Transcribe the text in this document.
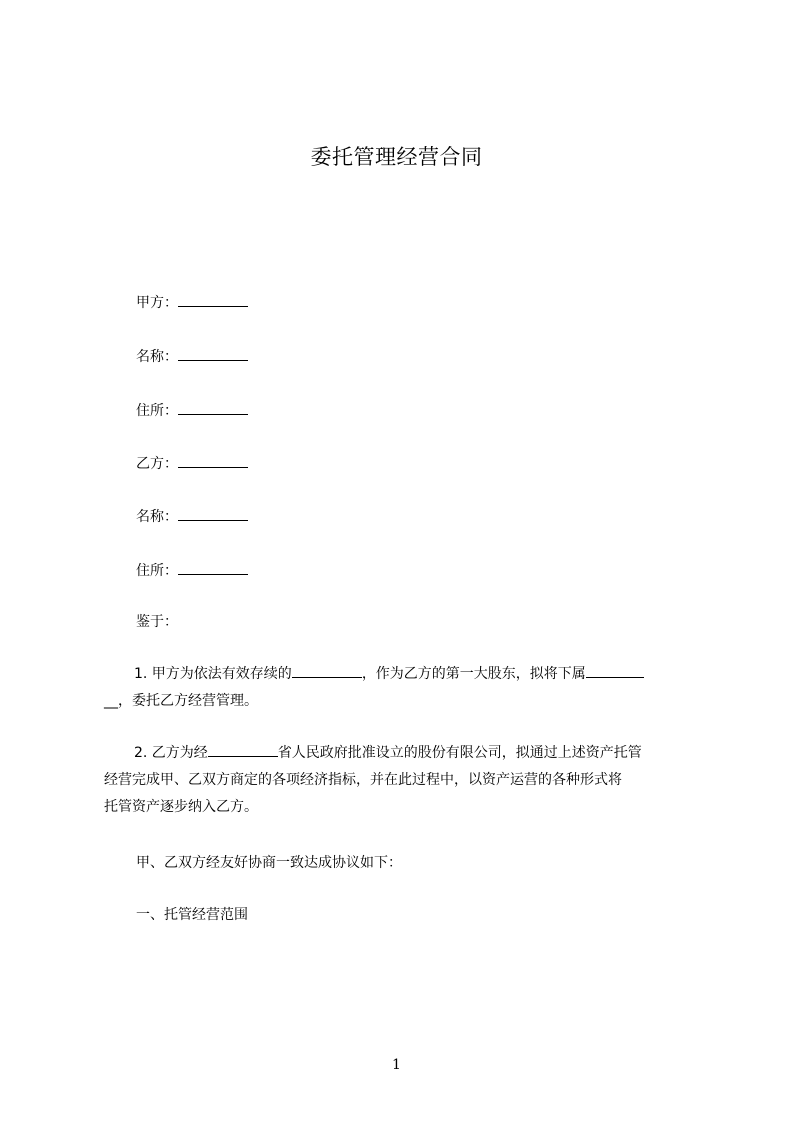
委托管理经营合同
甲方：
名称：
住所：
乙方：
名称：
住所：
鉴于：
1. 甲方为依法有效存续的	，作为乙方的第一大股东，拟将下属
__，委托乙方经营管理。
2. 乙方为经	省人民政府批准设立的股份有限公司，拟通过上述资产托管
经营完成甲、乙双方商定的各项经济指标，并在此过程中，以资产运营的各种形式将
托管资产逐步纳入乙方。
甲、乙双方经友好协商一致达成协议如下：
一、托管经营范围
1
